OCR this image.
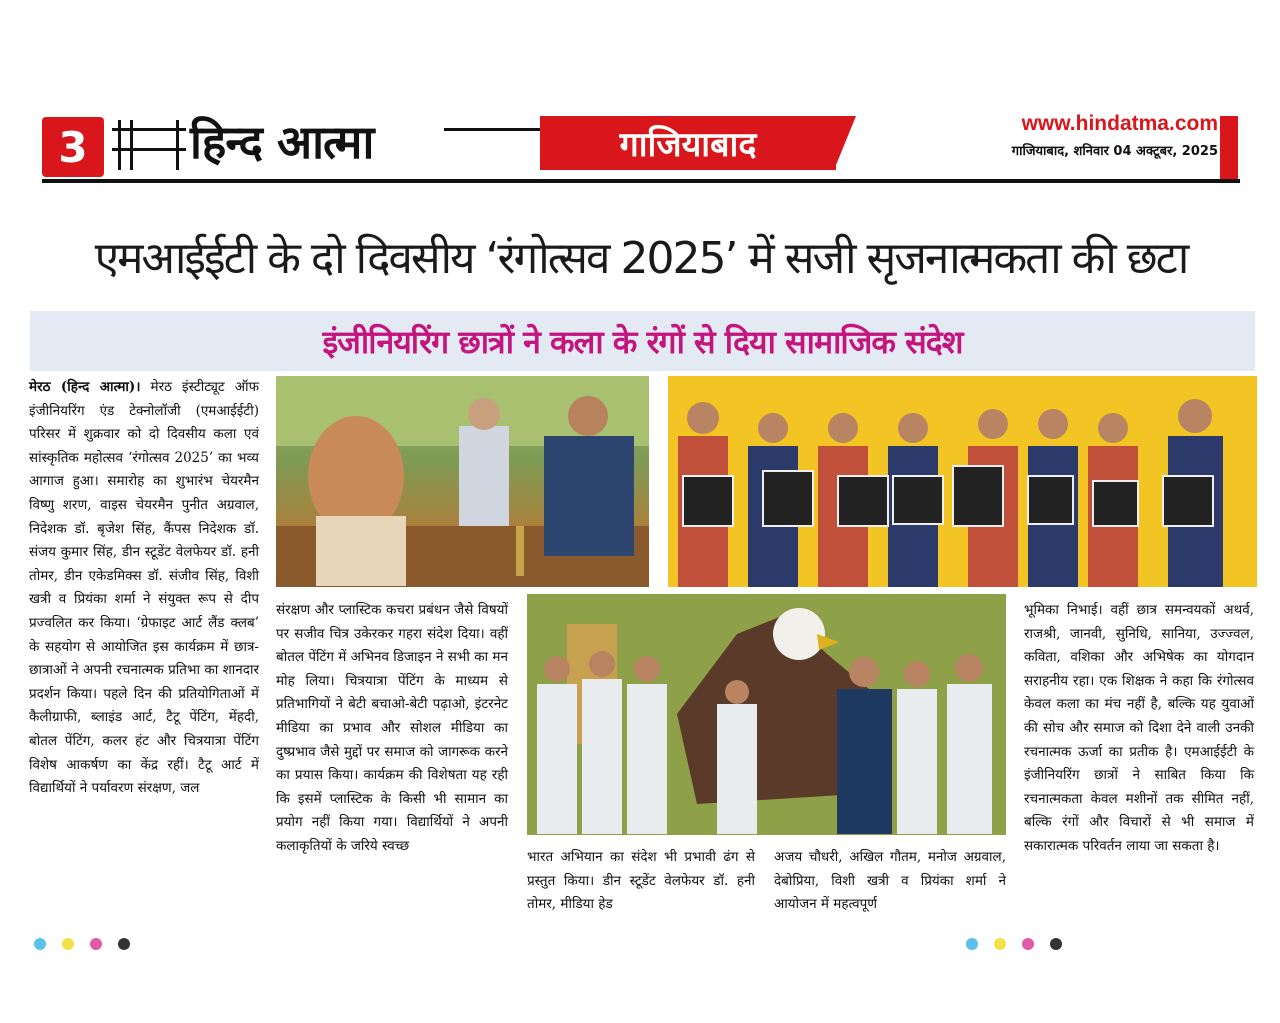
3 हिन्द आत्मा	गाजियाबाद
www.hindatma.com
गाजियाबाद, शनिवार 04 अक्टूबर, 2025
एमआईईटी के दो दिवसीय ‘रंगोत्सव 2025’ में सजी सृजनात्मकता की छटा
इंजीनियरिंग छात्रों ने कला के रंगों से दिया सामाजिक संदेश
मेरठ (हिन्द आत्मा)। मेरठ इंस्टीट्यूट ऑफ इंजीनियरिंग एंड टेक्नोलॉजी (एमआईईटी) परिसर में शुक्रवार को दो दिवसीय कला एवं सांस्कृतिक महोत्सव ‘रंगोत्सव 2025’ का भव्य आगाज हुआ। समारोह का शुभारंभ चेयरमैन विष्णु शरण, वाइस चेयरमैन पुनीत अग्रवाल, निदेशक डॉ. बृजेश सिंह, कैंपस निदेशक डॉ. संजय कुमार सिंह, डीन स्टूडेंट वेलफेयर डॉ. हनी तोमर, डीन एकेडमिक्स डॉ. संजीव सिंह, विशी खत्री व प्रियंका शर्मा ने संयुक्त रूप से दीप प्रज्वलित कर किया। ‘ग्रेफाइट आर्ट लैंड क्लब’ के सहयोग से आयोजित इस कार्यक्रम में छात्र-छात्राओं ने अपनी रचनात्मक प्रतिभा का शानदार प्रदर्शन किया। पहले दिन की प्रतियोगिताओं में कैलीग्राफी, ब्लाइंड आर्ट, टैटू पेंटिंग, मेंहदी, बोतल पेंटिंग, कलर हंट और चित्रयात्रा पेंटिंग विशेष आकर्षण का केंद्र रहीं। टैटू आर्ट में विद्यार्थियों ने पर्यावरण संरक्षण, जल
संरक्षण और प्लास्टिक कचरा प्रबंधन जैसे विषयों पर सजीव चित्र उकेरकर गहरा संदेश दिया। वहीं बोतल पेंटिंग में अभिनव डिजाइन ने सभी का मन मोह लिया। चित्रयात्रा पेंटिंग के माध्यम से प्रतिभागियों ने बेटी बचाओ-बेटी पढ़ाओ, इंटरनेट मीडिया का प्रभाव और सोशल मीडिया का दुष्प्रभाव जैसे मुद्दों पर समाज को जागरूक करने का प्रयास किया। कार्यक्रम की विशेषता यह रही कि इसमें प्लास्टिक के किसी भी सामान का प्रयोग नहीं किया गया। विद्यार्थियों ने अपनी कलाकृतियों के जरिये स्वच्छ
भारत अभियान का संदेश भी प्रभावी ढंग से प्रस्तुत किया। डीन स्टूडेंट वेलफेयर डॉ. हनी तोमर, मीडिया हेड
अजय चौधरी, अखिल गौतम, मनोज अग्रवाल, देबोप्रिया, विशी खत्री व प्रियंका शर्मा ने आयोजन में महत्वपूर्ण
भूमिका निभाई। वहीं छात्र समन्वयकों अथर्व, राजश्री, जानवी, सुनिधि, सानिया, उज्ज्वल, कविता, वशिका और अभिषेक का योगदान सराहनीय रहा। एक शिक्षक ने कहा कि रंगोत्सव केवल कला का मंच नहीं है, बल्कि यह युवाओं की सोच और समाज को दिशा देने वाली उनकी रचनात्मक ऊर्जा का प्रतीक है। एमआईईटी के इंजीनियरिंग छात्रों ने साबित किया कि रचनात्मकता केवल मशीनों तक सीमित नहीं, बल्कि रंगों और विचारों से भी समाज में सकारात्मक परिवर्तन लाया जा सकता है।
